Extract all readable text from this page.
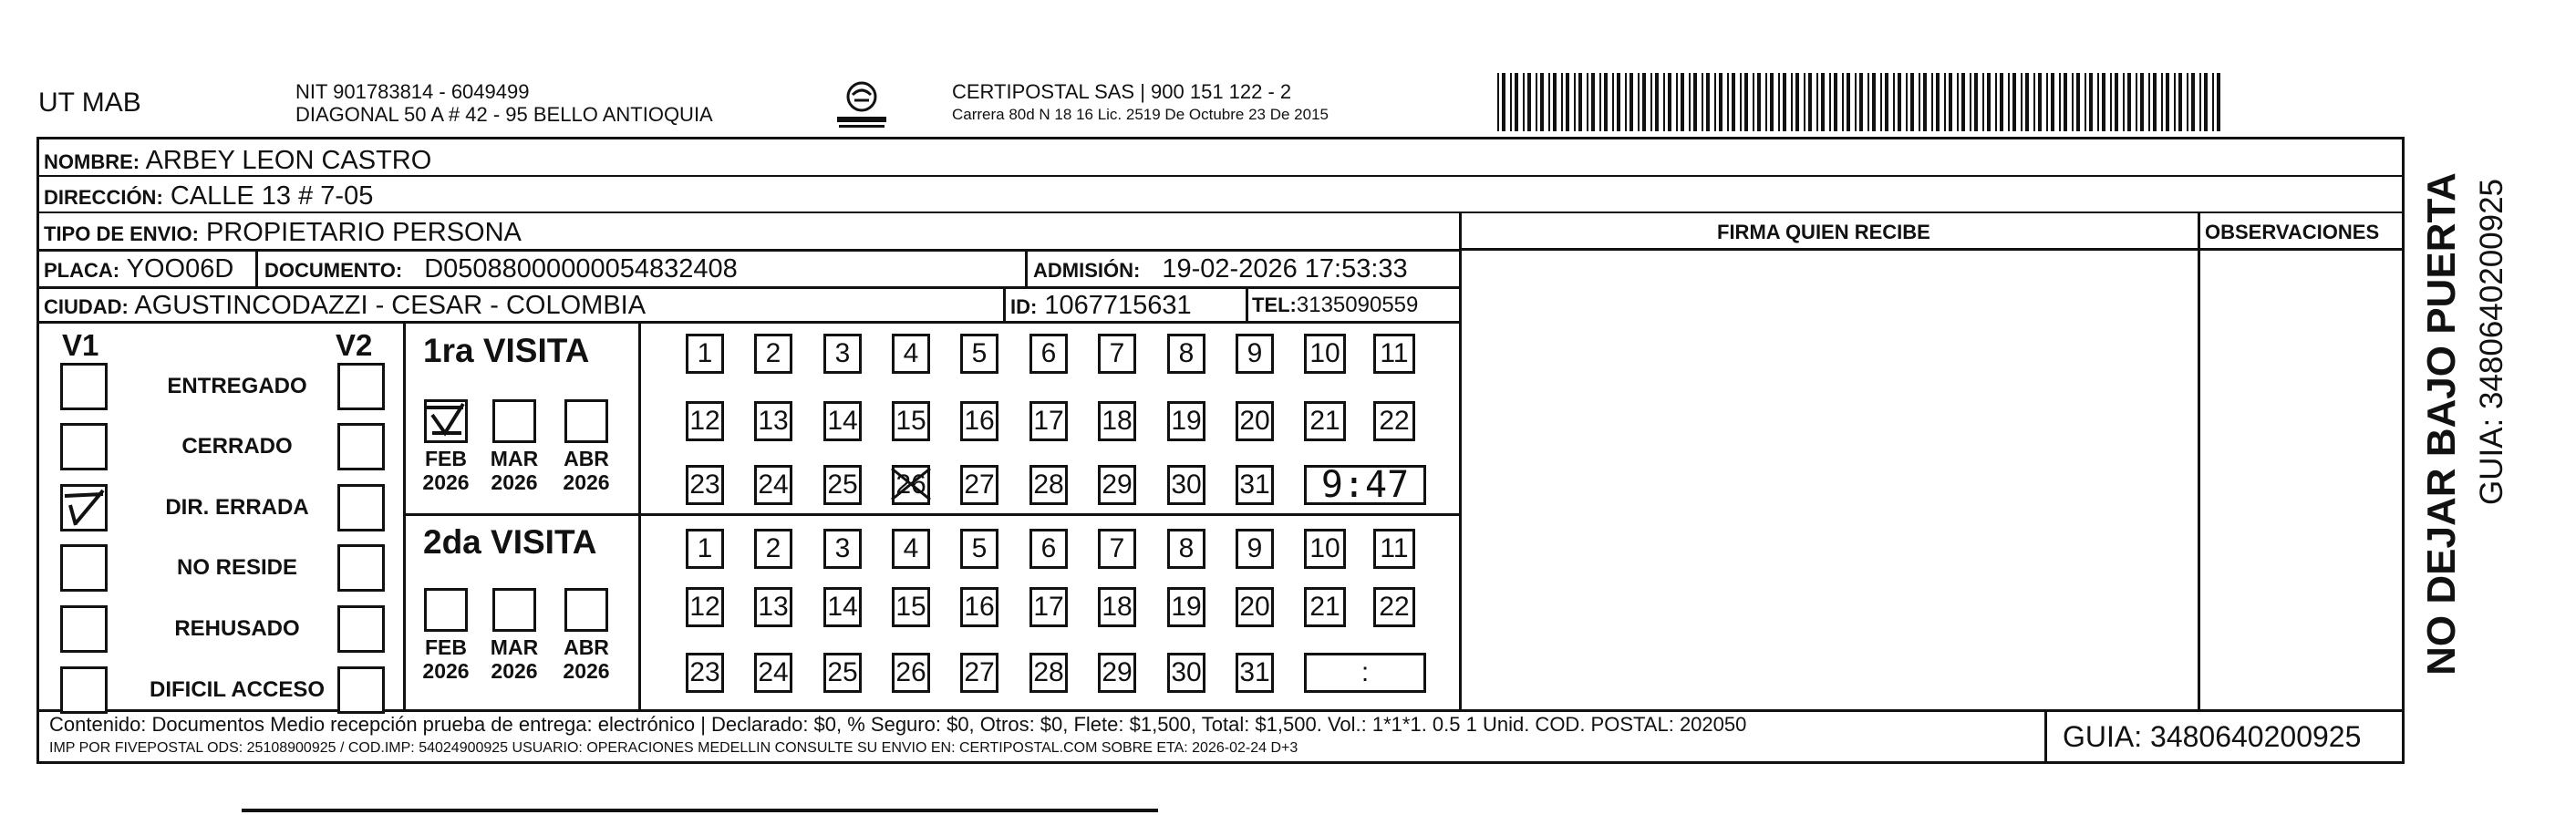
UT MAB	NIT 901783814 - 6049499
DIAGONAL 50 A # 42 - 95 BELLO ANTIOQUIA
CERTIPOSTAL SAS | 900 151 122 - 2
Carrera 80d N 18 16 Lic. 2519 De Octubre 23 De 2015
NOMBRE: ARBEY LEON CASTRO
DIRECCIÓN: CALLE 13 # 7-05
TIPO DE ENVIO: PROPIETARIO PERSONA	FIRMA QUIEN RECIBE	OBSERVACIONES
PLACA: YOO06D DOCUMENTO: D05088000000054832408	ADMISIÓN: 19-02-2026 17:53:33
CIUDAD: AGUSTINCODAZZI - CESAR - COLOMBIA	ID: 1067715631	TEL:3135090559
V1	V2
ENTREGADO
CERRADO
DIR. ERRADA
NO RESIDE
REHUSADO
DIFICIL ACCESO
1ra VISITA
2da VISITA
FEB
2026
MAR
2026
ABR
2026
FEB
2026
MAR
2026
ABR
2026
1	2	3	4	5	6	7	8	9	10 11
12 13 14 15 16 17 18 19 20 21 22
23 24 25 26 27 28 29 30 31	9:47
1	2	3	4	5	6	7	8	9	10 11
12 13 14 15 16 17 18 19 20 21 22
23 24 25 26 27 28 29 30 31	:
Contenido: Documentos Medio recepción prueba de entrega: electrónico | Declarado: $0, % Seguro: $0, Otros: $0, Flete: $1,500, Total: $1,500. Vol.: 1*1*1. 0.5 1 Unid. COD. POSTAL: 202050
IMP POR FIVEPOSTAL ODS: 25108900925 / COD.IMP: 54024900925 USUARIO: OPERACIONES MEDELLIN CONSULTE SU ENVIO EN: CERTIPOSTAL.COM SOBRE ETA: 2026-02-24 D+3	GUIA: 3480640200925
NO DEJAR BAJO PUERTA GUIA: 3480640200925
